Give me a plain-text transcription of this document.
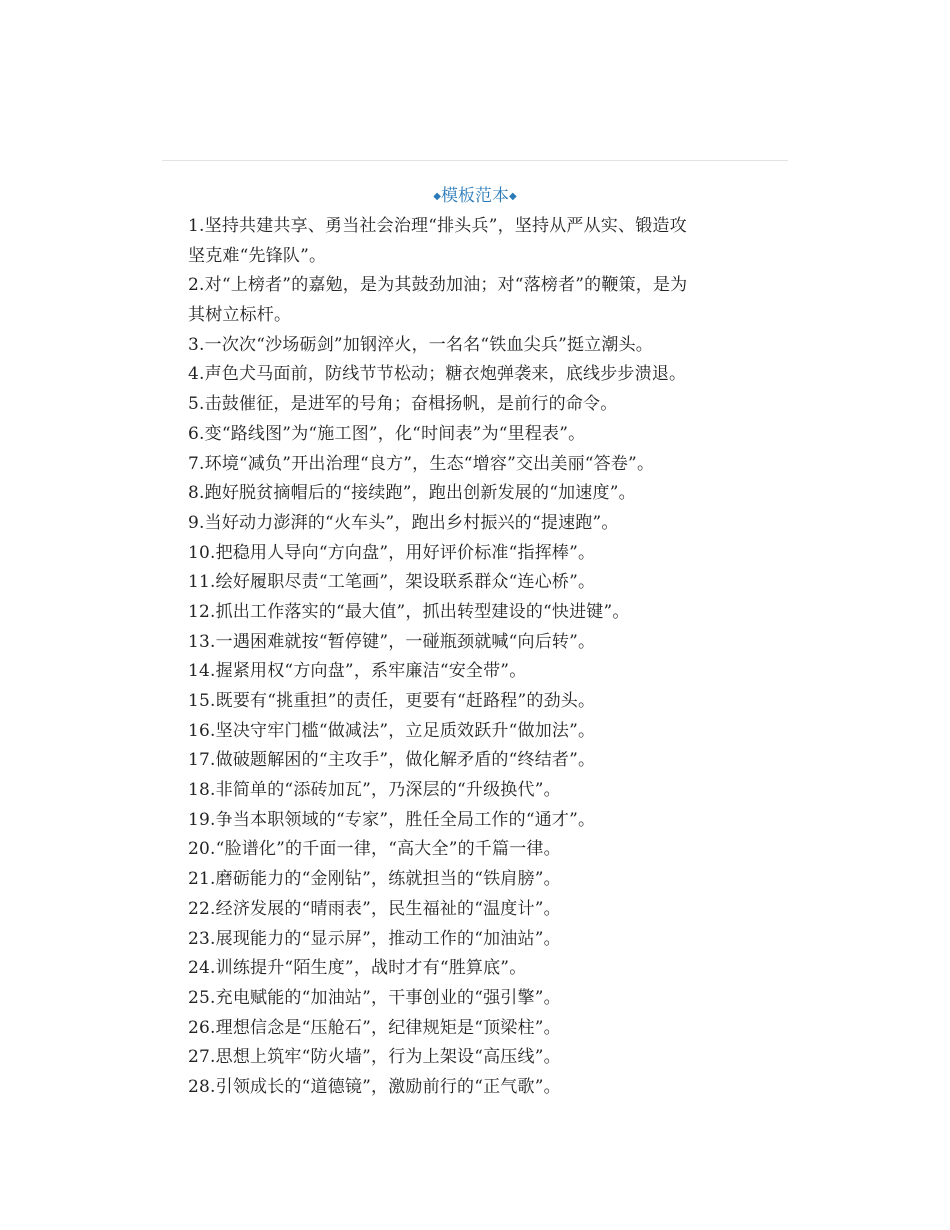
◆模板范本◆
1.坚持共建共享、勇当社会治理“排头兵”，坚持从严从实、锻造攻
坚克难“先锋队”。
2.对“上榜者”的嘉勉，是为其鼓劲加油；对“落榜者”的鞭策，是为
其树立标杆。
3.一次次“沙场砺剑”加钢淬火，一名名“铁血尖兵”挺立潮头。
4.声色犬马面前，防线节节松动；糖衣炮弹袭来，底线步步溃退。
5.击鼓催征，是进军的号角；奋楫扬帆，是前行的命令。
6.变“路线图”为“施工图”，化“时间表”为“里程表”。
7.环境“减负”开出治理“良方”，生态“增容”交出美丽“答卷”。
8.跑好脱贫摘帽后的“接续跑”，跑出创新发展的“加速度”。
9.当好动力澎湃的“火车头”，跑出乡村振兴的“提速跑”。
10.把稳用人导向“方向盘”，用好评价标准“指挥棒”。
11.绘好履职尽责“工笔画”，架设联系群众“连心桥”。
12.抓出工作落实的“最大值”，抓出转型建设的“快进键”。
13.一遇困难就按“暂停键”，一碰瓶颈就喊“向后转”。
14.握紧用权“方向盘”，系牢廉洁“安全带”。
15.既要有“挑重担”的责任，更要有“赶路程”的劲头。
16.坚决守牢门槛“做减法”，立足质效跃升“做加法”。
17.做破题解困的“主攻手”，做化解矛盾的“终结者”。
18.非简单的“添砖加瓦”，乃深层的“升级换代”。
19.争当本职领域的“专家”，胜任全局工作的“通才”。
20.“脸谱化”的千面一律，“高大全”的千篇一律。
21.磨砺能力的“金刚钻”，练就担当的“铁肩膀”。
22.经济发展的“晴雨表”，民生福祉的“温度计”。
23.展现能力的“显示屏”，推动工作的“加油站”。
24.训练提升“陌生度”，战时才有“胜算底”。
25.充电赋能的“加油站”，干事创业的“强引擎”。
26.理想信念是“压舱石”，纪律规矩是“顶梁柱”。
27.思想上筑牢“防火墙”，行为上架设“高压线”。
28.引领成长的“道德镜”，激励前行的“正气歌”。
